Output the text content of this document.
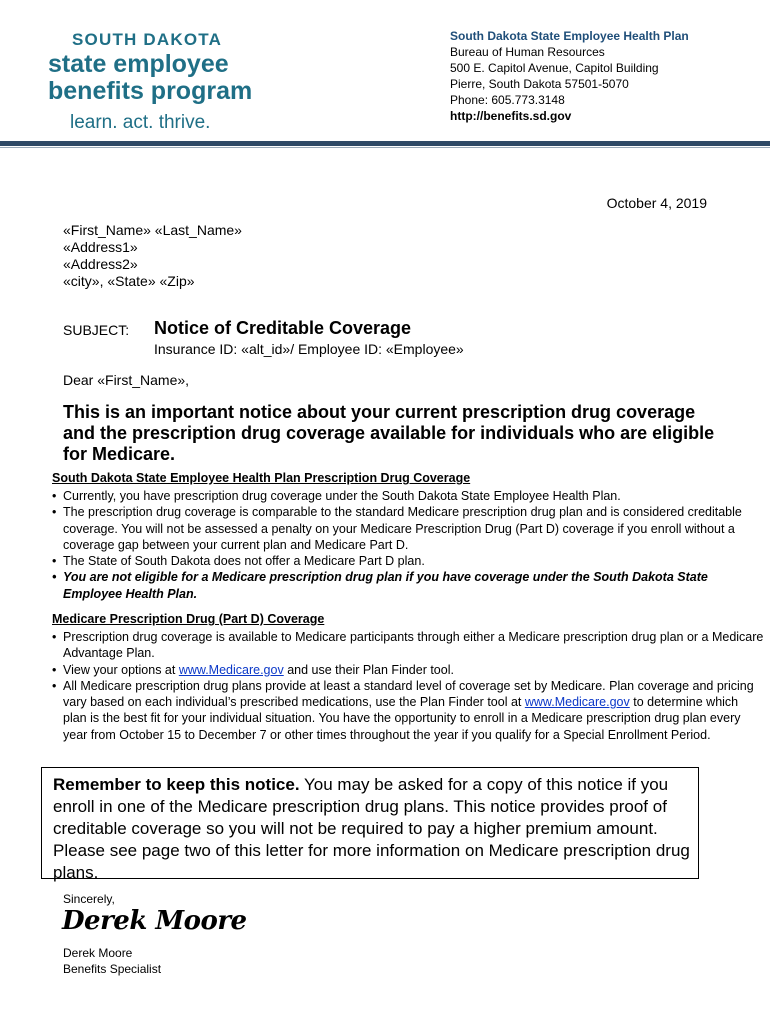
SOUTH DAKOTA
state employee
benefits program
learn. act. thrive.
South Dakota State Employee Health Plan
Bureau of Human Resources
500 E. Capitol Avenue, Capitol Building
Pierre, South Dakota 57501-5070
Phone: 605.773.3148
http://benefits.sd.gov
October 4, 2019
«First_Name» «Last_Name»
«Address1»
«Address2»
«city», «State» «Zip»
SUBJECT: Notice of Creditable Coverage
Insurance ID: «alt_id»/ Employee ID: «Employee»
Dear «First_Name»,
This is an important notice about your current prescription drug coverage and the prescription drug coverage available for individuals who are eligible for Medicare.
South Dakota State Employee Health Plan Prescription Drug Coverage
• Currently, you have prescription drug coverage under the South Dakota State Employee Health Plan.
• The prescription drug coverage is comparable to the standard Medicare prescription drug plan and is considered creditable coverage. You will not be assessed a penalty on your Medicare Prescription Drug (Part D) coverage if you enroll without a coverage gap between your current plan and Medicare Part D.
• The State of South Dakota does not offer a Medicare Part D plan.
• You are not eligible for a Medicare prescription drug plan if you have coverage under the South Dakota State Employee Health Plan.
Medicare Prescription Drug (Part D) Coverage
• Prescription drug coverage is available to Medicare participants through either a Medicare prescription drug plan or a Medicare Advantage Plan.
• View your options at www.Medicare.gov and use their Plan Finder tool.
• All Medicare prescription drug plans provide at least a standard level of coverage set by Medicare. Plan coverage and pricing vary based on each individual’s prescribed medications, use the Plan Finder tool at www.Medicare.gov to determine which plan is the best fit for your individual situation. You have the opportunity to enroll in a Medicare prescription drug plan every year from October 15 to December 7 or other times throughout the year if you qualify for a Special Enrollment Period.
Remember to keep this notice. You may be asked for a copy of this notice if you enroll in one of the Medicare prescription drug plans. This notice provides proof of creditable coverage so you will not be required to pay a higher premium amount. Please see page two of this letter for more information on Medicare prescription drug plans.
Sincerely,
Derek Moore
Derek Moore
Benefits Specialist
